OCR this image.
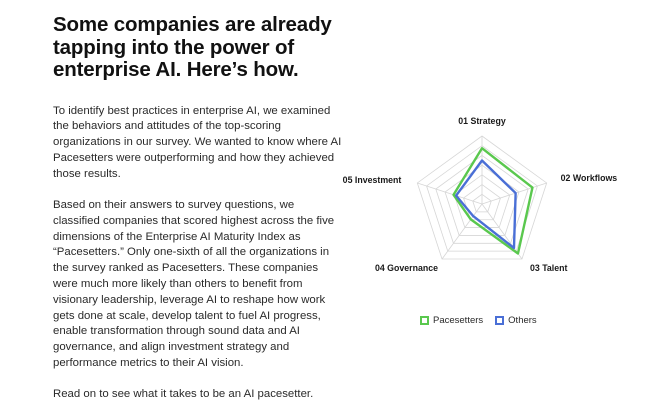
Some companies are already tapping into the power of enterprise AI. Here’s how.

To identify best practices in enterprise AI, we examined the behaviors and attitudes of the top-scoring organizations in our survey. We wanted to know where AI Pacesetters were outperforming and how they achieved those results.

Based on their answers to survey questions, we classified companies that scored highest across the five dimensions of the Enterprise AI Maturity Index as “Pacesetters.” Only one-sixth of all the organizations in the survey ranked as Pacesetters. These companies were much more likely than others to benefit from visionary leadership, leverage AI to reshape how work gets done at scale, develop talent to fuel AI progress, enable transformation through sound data and AI governance, and align investment strategy and performance metrics to their AI vision.

Read on to see what it takes to be an AI pacesetter.

01 Strategy
02 Workflows
03 Talent
04 Governance
05 Investment
Pacesetters	Others
